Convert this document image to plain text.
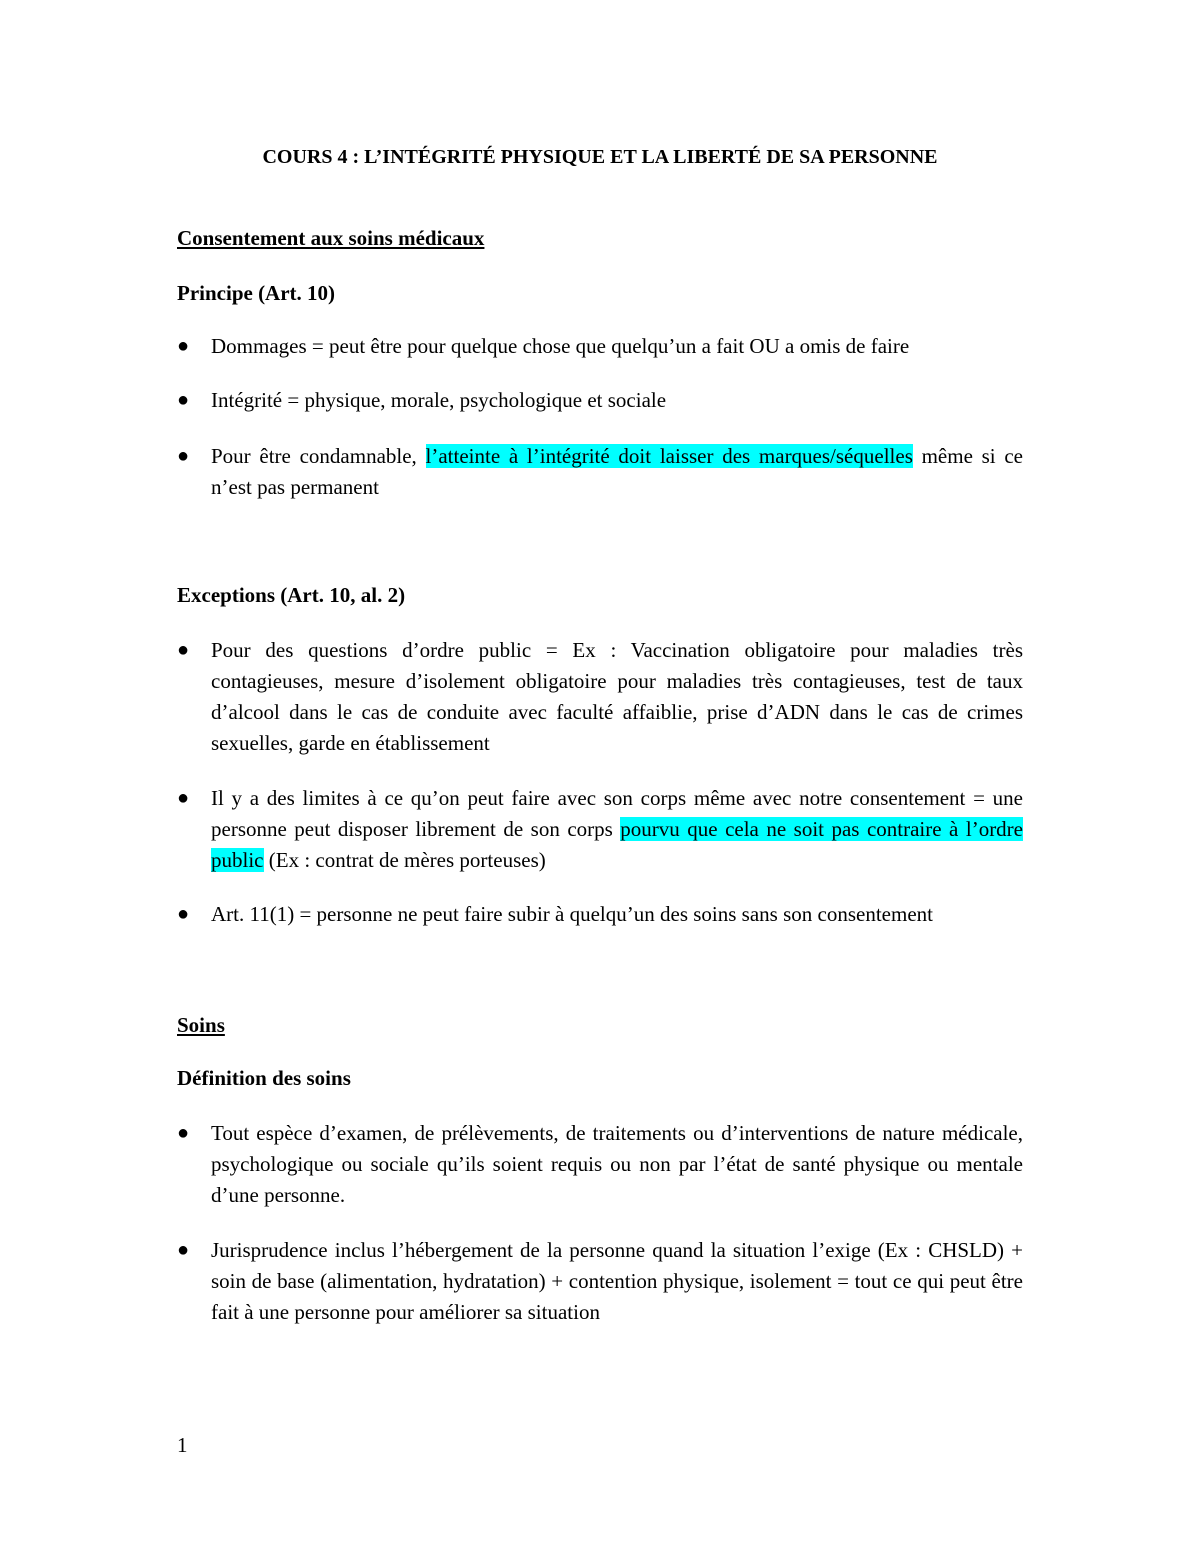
COURS 4 : L’INTÉGRITÉ PHYSIQUE ET LA LIBERTÉ DE SA PERSONNE
Consentement aux soins médicaux
Principe (Art. 10)
●	Dommages = peut être pour quelque chose que quelqu’un a fait OU a omis de faire
●	Intégrité = physique, morale, psychologique et sociale
●	Pour être condamnable, l’atteinte à l’intégrité doit laisser des marques/séquelles même si ce n’est pas permanent
Exceptions (Art. 10, al. 2)
●	Pour des questions d’ordre public = Ex : Vaccination obligatoire pour maladies très contagieuses, mesure d’isolement obligatoire pour maladies très contagieuses, test de taux d’alcool dans le cas de conduite avec faculté affaiblie, prise d’ADN dans le cas de crimes sexuelles, garde en établissement
●	Il y a des limites à ce qu’on peut faire avec son corps même avec notre consentement = une personne peut disposer librement de son corps pourvu que cela ne soit pas contraire à l’ordre public (Ex : contrat de mères porteuses)
●	Art. 11(1) = personne ne peut faire subir à quelqu’un des soins sans son consentement
Soins
Définition des soins
●	Tout espèce d’examen, de prélèvements, de traitements ou d’interventions de nature médicale, psychologique ou sociale qu’ils soient requis ou non par l’état de santé physique ou mentale d’une personne.
●	Jurisprudence inclus l’hébergement de la personne quand la situation l’exige (Ex : CHSLD) + soin de base (alimentation, hydratation) + contention physique, isolement = tout ce qui peut être fait à une personne pour améliorer sa situation
1
